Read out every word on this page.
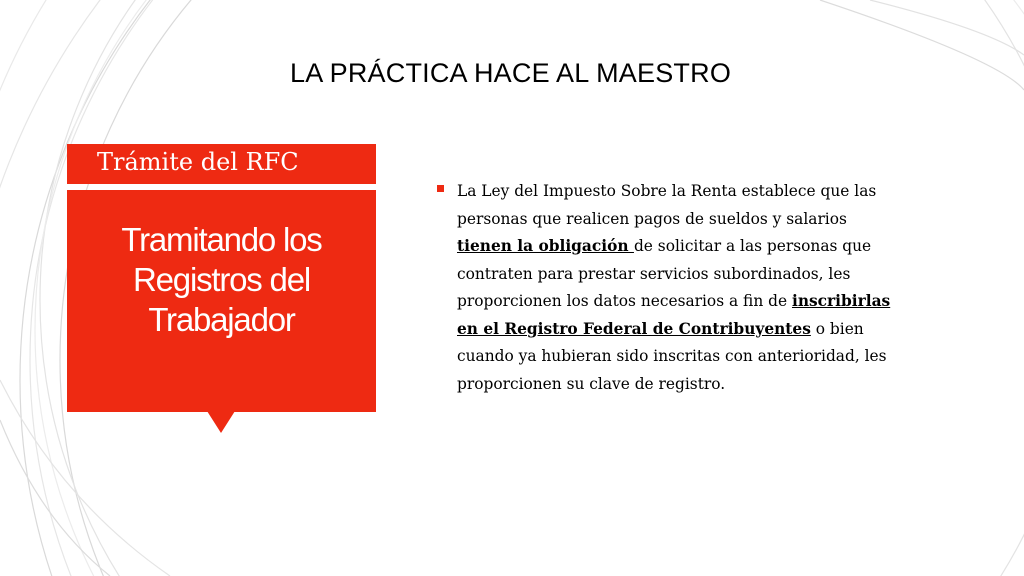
LA PRÁCTICA HACE AL MAESTRO
Trámite del RFC
Tramitando los
Registros del
Trabajador
La Ley del Impuesto Sobre la Renta establece que las
personas que realicen pagos de sueldos y salarios
tienen la obligación de solicitar a las personas que
contraten para prestar servicios subordinados, les
proporcionen los datos necesarios a fin de inscribirlas
en el Registro Federal de Contribuyentes o bien
cuando ya hubieran sido inscritas con anterioridad, les
proporcionen su clave de registro.
